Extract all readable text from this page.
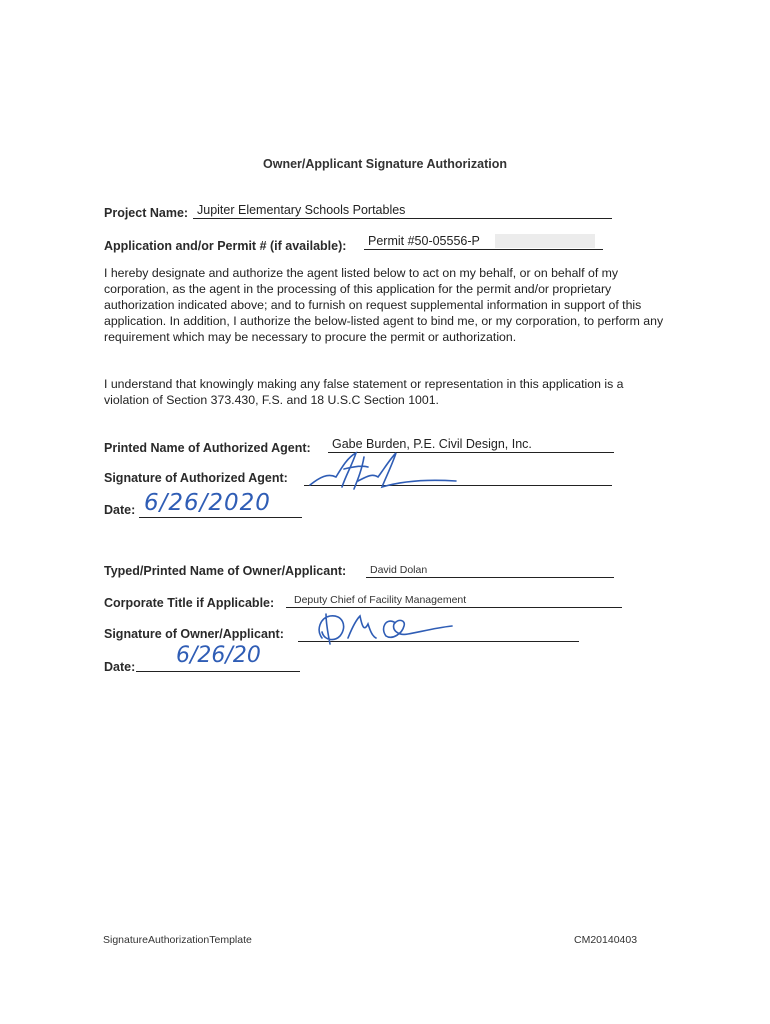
Owner/Applicant Signature Authorization
Project Name: Jupiter Elementary Schools Portables
Application and/or Permit # (if available): Permit #50-05556-P
I hereby designate and authorize the agent listed below to act on my behalf, or on behalf of my corporation, as the agent in the processing of this application for the permit and/or proprietary authorization indicated above; and to furnish on request supplemental information in support of this application. In addition, I authorize the below-listed agent to bind me, or my corporation, to perform any requirement which may be necessary to procure the permit or authorization.
I understand that knowingly making any false statement or representation in this application is a violation of Section 373.430, F.S. and 18 U.S.C Section 1001.
Printed Name of Authorized Agent: Gabe Burden, P.E. Civil Design, Inc.
Signature of Authorized Agent:
Date: 6/26/2020
Typed/Printed Name of Owner/Applicant: David Dolan
Corporate Title if Applicable: Deputy Chief of Facility Management
Signature of Owner/Applicant:
Date: 6/26/20
SignatureAuthorizationTemplate	CM20140403
